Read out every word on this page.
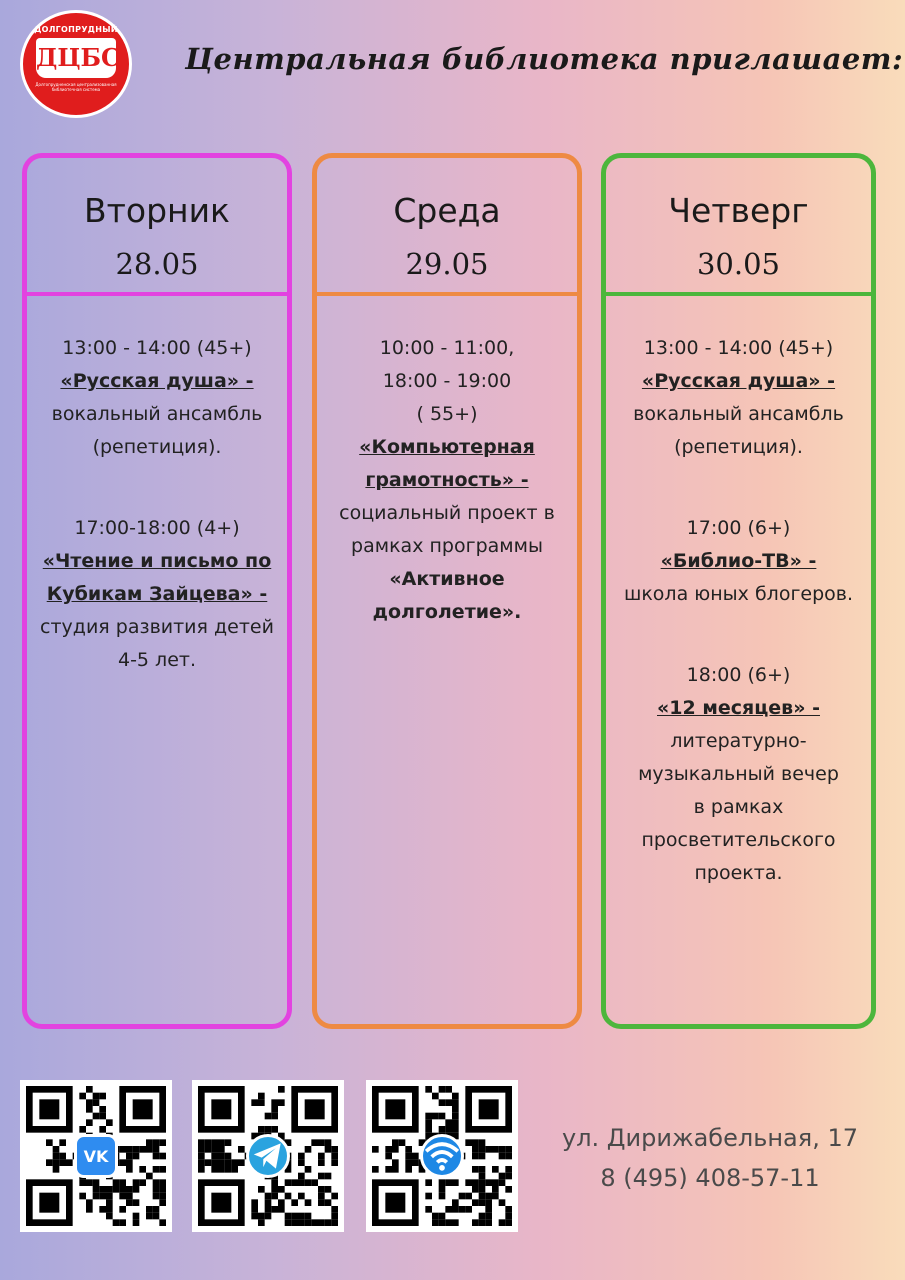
ДОЛГОПРУДНЫЙ
ДЦБС
Долгопрудненская централизованная библиотечная система
Центральная библиотека приглашает:
Вторник
28.05
13:00 - 14:00 (45+)
«Русская душа» -
вокальный ансамбль
(репетиция).
17:00-18:00 (4+)
«Чтение и письмо по Кубикам Зайцева» -
студия развития детей
4-5 лет.
Среда
29.05
10:00 - 11:00,
18:00 - 19:00
( 55+)
«Компьютерная грамотность» -
социальный проект в
рамках программы
«Активное долголетие».
Четверг
30.05
13:00 - 14:00 (45+)
«Русская душа» -
вокальный ансамбль
(репетиция).
17:00 (6+)
«Библио-ТВ» -
школа юных блогеров.
18:00 (6+)
«12 месяцев» -
литературно-
музыкальный вечер
в рамках
просветительского
проекта.
VK
ул. Дирижабельная, 17
8 (495) 408-57-11
